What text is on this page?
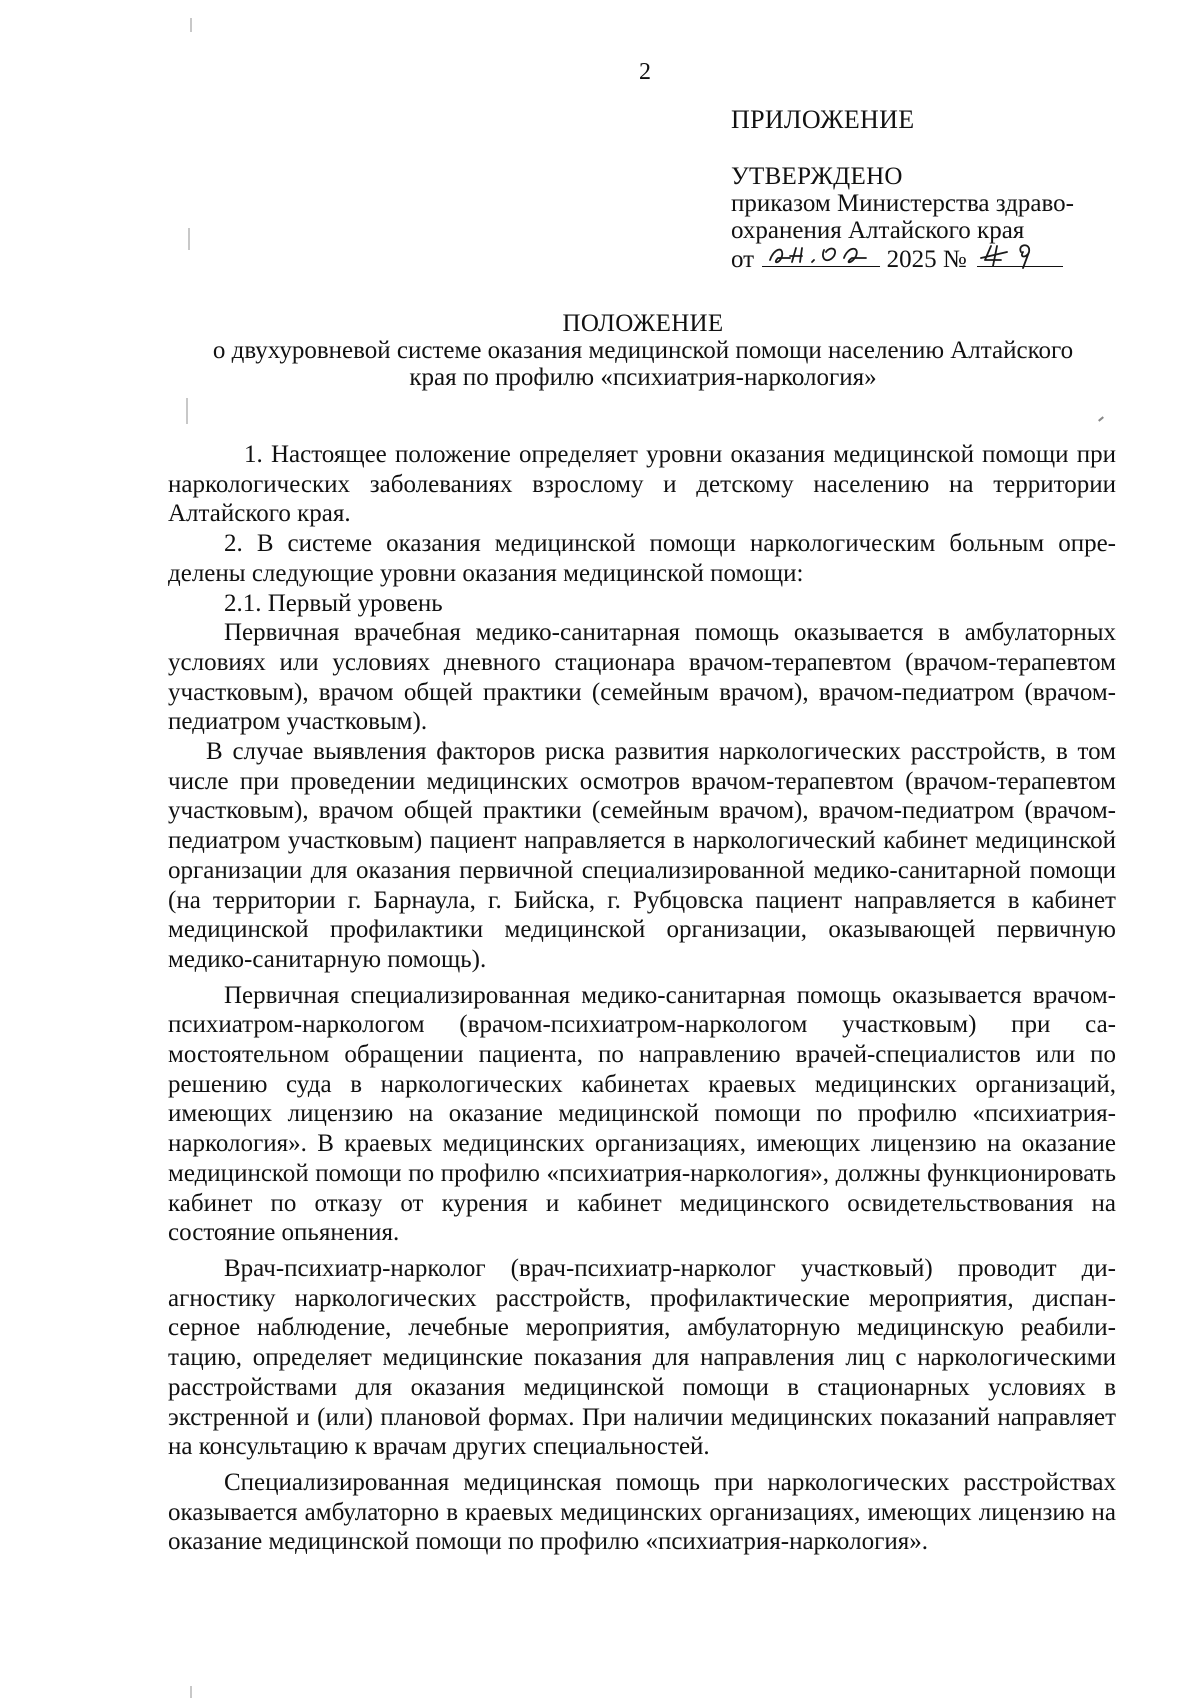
2
ПРИЛОЖЕНИЕ
УТВЕРЖДЕНО
приказом Министерства здраво-
охранения Алтайского края
от	2025 №
ПОЛОЖЕНИЕ
о двухуровневой системе оказания медицинской помощи населению Алтайского
края по профилю «психиатрия-наркология»

1. Настоящее положение определяет уровни оказания медицинской помощи при наркологических заболеваниях взрослому и детскому населению на территории Алтайского края.

2. В системе оказания медицинской помощи наркологическим больным определены следующие уровни оказания медицинской помощи:

2.1. Первый уровень

Первичная врачебная медико-санитарная помощь оказывается в амбулаторных условиях или условиях дневного стационара врачом-терапевтом (врачом-терапевтом участковым), врачом общей практики (семейным врачом), врачом-педиатром (врачом-педиатром участковым).

В случае выявления факторов риска развития наркологических расстройств, в том числе при проведении медицинских осмотров врачом-терапевтом (врачом-терапевтом участковым), врачом общей практики (семейным врачом), врачом-педиатром (врачом-педиатром участковым) пациент направляется в наркологический кабинет медицинской организации для оказания первичной специализированной медико-санитарной помощи (на территории г. Барнаула, г. Бийска, г. Рубцовска пациент направляется в кабинет медицинской профилактики медицинской организации, оказывающей первичную медико-санитарную помощь).

Первичная специализированная медико-санитарная помощь оказывается врачом-психиатром-наркологом (врачом-психиатром-наркологом участковым) при самостоятельном обращении пациента, по направлению врачей-специалистов или по решению суда в наркологических кабинетах краевых медицинских организаций, имеющих лицензию на оказание медицинской помощи по профилю «психиатрия-наркология». В краевых медицинских организациях, имеющих лицензию на оказание медицинской помощи по профилю «психиатрия-наркология», должны функционировать кабинет по отказу от курения и кабинет медицинского освидетельствования на состояние опьянения.

Врач-психиатр-нарколог (врач-психиатр-нарколог участковый) проводит диагностику наркологических расстройств, профилактические мероприятия, диспансерное наблюдение, лечебные мероприятия, амбулаторную медицинскую реабилитацию, определяет медицинские показания для направления лиц с наркологическими расстройствами для оказания медицинской помощи в стационарных условиях в экстренной и (или) плановой формах. При наличии медицинских показаний направляет на консультацию к врачам других специальностей.

Специализированная медицинская помощь при наркологических расстройствах оказывается амбулаторно в краевых медицинских организациях, имеющих лицензию на оказание медицинской помощи по профилю «психиатрия-наркология».
